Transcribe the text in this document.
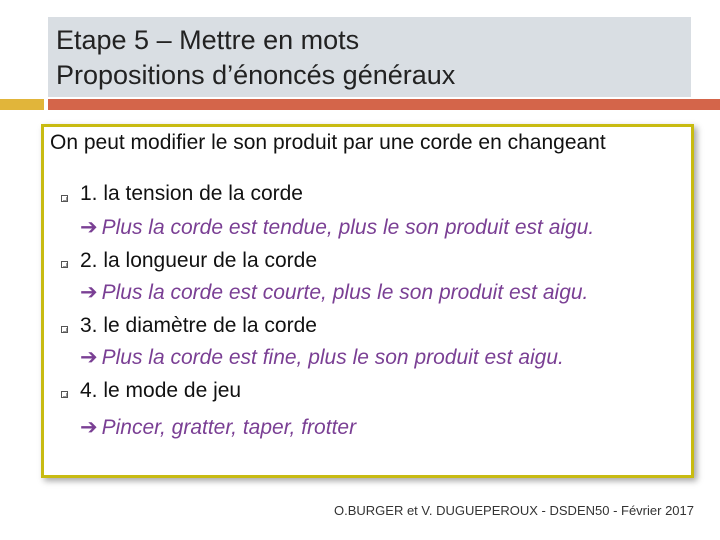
Etape 5 – Mettre en mots
Propositions d’énoncés généraux
On peut modifier le son produit par une corde en changeant
1. la tension de la corde
➔ Plus la corde est tendue, plus le son produit est aigu.
2. la longueur de la corde
➔ Plus la corde est courte, plus le son produit est aigu.
3. le diamètre de la corde
➔ Plus la corde est fine, plus le son produit est aigu.
4. le mode de jeu
➔ Pincer, gratter, taper, frotter
O.BURGER et V. DUGUEPEROUX - DSDEN50 - Février 2017
